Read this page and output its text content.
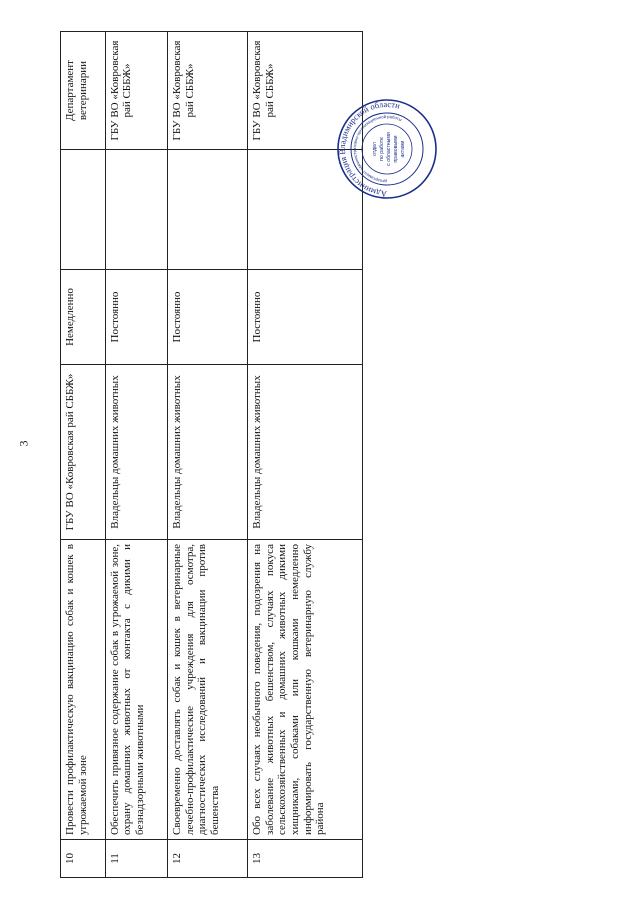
3
10	Провести профилактическую вакцинацию собак и кошек в угрожаемой зоне	ГБУ ВО «Ковровская рай СББЖ»	Немедленно		Департамент ветеринарии
11	Обеспечить привязное содержание собак в угрожаемой зоне, охрану домашних животных от контакта с дикими и безнадзорными животными	Владельцы домашних животных	Постоянно		ГБУ ВО «Ковровская рай СББЖ»
12	Своевременно доставлять собак и кошек в ветеринарные лечебно-профилактические учреждения для осмотра, диагностических исследований и вакцинации против бешенства	Владельцы домашних животных	Постоянно		ГБУ ВО «Ковровская рай СББЖ»
13	Обо всех случаях необычного поведения, подозрения на заболевание животных бешенством, случаях покуса сельскохозяйственных и домашних животных дикими хищниками, собаками или кошками немедленно информировать государственную ветеринарную службу района	Владельцы домашних животных	Постоянно		ГБУ ВО «Ковровская рай СББЖ»
Администрация Владимирской области
департамент административно-организационной работы
отдел по работе с областными правовыми актами
